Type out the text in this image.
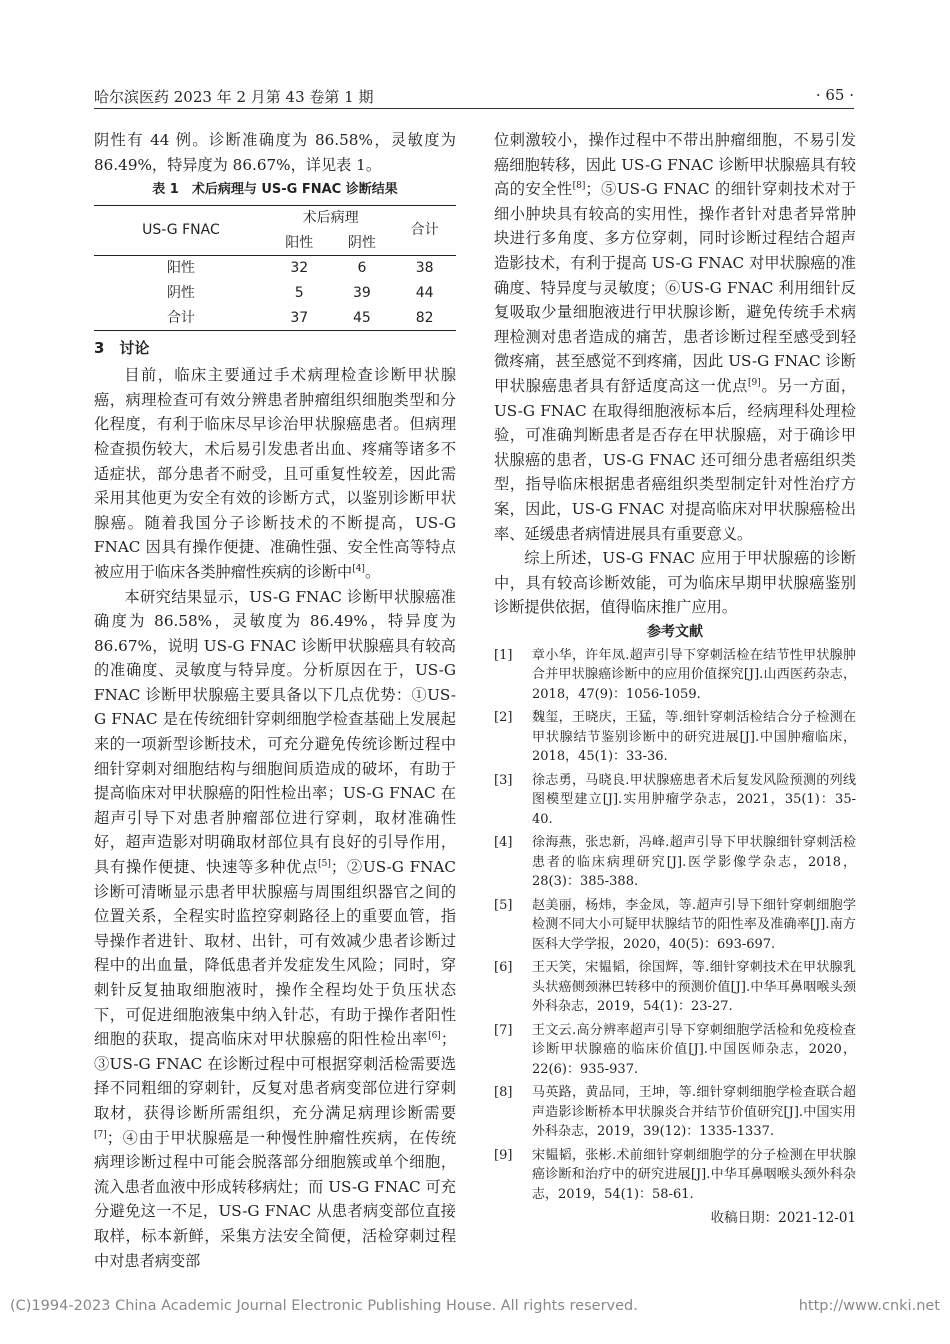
哈尔滨医药 2023 年 2 月第 43 卷第 1 期	· 65 ·

阴性有 44 例。诊断准确度为 86.58%，灵敏度为 86.49%，特异度为 86.67%，详见表 1。

表 1　术后病理与 US-G FNAC 诊断结果
US-G FNAC	术后病理		合计
	阳性	阴性	
阳性	32	6	38
阴性	5	39	44
合计	37	45	82
3　讨论

目前，临床主要通过手术病理检查诊断甲状腺癌，病理检查可有效分辨患者肿瘤组织细胞类型和分化程度，有利于临床尽早诊治甲状腺癌患者。但病理检查损伤较大，术后易引发患者出血、疼痛等诸多不适症状，部分患者不耐受，且可重复性较差，因此需采用其他更为安全有效的诊断方式，以鉴别诊断甲状腺癌。随着我国分子诊断技术的不断提高，US-G FNAC 因具有操作便捷、准确性强、安全性高等特点被应用于临床各类肿瘤性疾病的诊断中[4]。

本研究结果显示，US-G FNAC 诊断甲状腺癌准确度为 86.58%，灵敏度为 86.49%，特异度为 86.67%，说明 US-G FNAC 诊断甲状腺癌具有较高的准确度、灵敏度与特异度。分析原因在于，US-G FNAC 诊断甲状腺癌主要具备以下几点优势：①US-G FNAC 是在传统细针穿刺细胞学检查基础上发展起来的一项新型诊断技术，可充分避免传统诊断过程中细针穿刺对细胞结构与细胞间质造成的破坏，有助于提高临床对甲状腺癌的阳性检出率；US-G FNAC 在超声引导下对患者肿瘤部位进行穿刺，取材准确性好，超声造影对明确取材部位具有良好的引导作用，具有操作便捷、快速等多种优点[5]；②US-G FNAC 诊断可清晰显示患者甲状腺癌与周围组织器官之间的位置关系，全程实时监控穿刺路径上的重要血管，指导操作者进针、取材、出针，可有效减少患者诊断过程中的出血量，降低患者并发症发生风险；同时，穿刺针反复抽取细胞液时，操作全程均处于负压状态下，可促进细胞液集中纳入针芯，有助于操作者阳性细胞的获取，提高临床对甲状腺癌的阳性检出率[6]；③US-G FNAC 在诊断过程中可根据穿刺活检需要选择不同粗细的穿刺针，反复对患者病变部位进行穿刺取材，获得诊断所需组织，充分满足病理诊断需要[7]；④由于甲状腺癌是一种慢性肿瘤性疾病，在传统病理诊断过程中可能会脱落部分细胞簇或单个细胞，流入患者血液中形成转移病灶；而 US-G FNAC 可充分避免这一不足，US-G FNAC 从患者病变部位直接取样，标本新鲜，采集方法安全简便，活检穿刺过程中对患者病变部

位刺激较小，操作过程中不带出肿瘤细胞，不易引发癌细胞转移，因此 US-G FNAC 诊断甲状腺癌具有较高的安全性[8]；⑤US-G FNAC 的细针穿刺技术对于细小肿块具有较高的实用性，操作者针对患者异常肿块进行多角度、多方位穿刺，同时诊断过程结合超声造影技术，有利于提高 US-G FNAC 对甲状腺癌的准确度、特异度与灵敏度；⑥US-G FNAC 利用细针反复吸取少量细胞液进行甲状腺诊断，避免传统手术病理检测对患者造成的痛苦，患者诊断过程至感受到轻微疼痛，甚至感觉不到疼痛，因此 US-G FNAC 诊断甲状腺癌患者具有舒适度高这一优点[9]。另一方面，US-G FNAC 在取得细胞液标本后，经病理科处理检验，可准确判断患者是否存在甲状腺癌，对于确诊甲状腺癌的患者，US-G FNAC 还可细分患者癌组织类型，指导临床根据患者癌组织类型制定针对性治疗方案，因此，US-G FNAC 对提高临床对甲状腺癌检出率、延缓患者病情进展具有重要意义。

综上所述，US-G FNAC 应用于甲状腺癌的诊断中，具有较高诊断效能，可为临床早期甲状腺癌鉴别诊断提供依据，值得临床推广应用。

参考文献
[1]	章小华，许年凤.超声引导下穿刺活检在结节性甲状腺肿合并甲状腺癌诊断中的应用价值探究[J].山西医药杂志，2018，47(9)：1056-1059.
[2]	魏玺，王晓庆，王猛，等.细针穿刺活检结合分子检测在甲状腺结节鉴别诊断中的研究进展[J].中国肿瘤临床，2018，45(1)：33-36.
[3]	徐志勇，马晓良.甲状腺癌患者术后复发风险预测的列线图模型建立[J].实用肿瘤学杂志，2021，35(1)：35-40.
[4]	徐海燕，张忠新，冯峰.超声引导下甲状腺细针穿刺活检患者的临床病理研究[J].医学影像学杂志，2018，28(3)：385-388.
[5]	赵美丽，杨炜，李金凤，等.超声引导下细针穿刺细胞学检测不同大小可疑甲状腺结节的阳性率及准确率[J].南方医科大学学报，2020，40(5)：693-697.
[6]	王天笑，宋韫韬，徐国辉，等.细针穿刺技术在甲状腺乳头状癌侧颈淋巴转移中的预测价值[J].中华耳鼻咽喉头颈外科杂志，2019，54(1)：23-27.
[7]	王文云.高分辨率超声引导下穿刺细胞学活检和免疫检查诊断甲状腺癌的临床价值[J].中国医师杂志，2020，22(6)：935-937.
[8]	马英路，黄品同，王坤，等.细针穿刺细胞学检查联合超声造影诊断桥本甲状腺炎合并结节价值研究[J].中国实用外科杂志，2019，39(12)：1335-1337.
[9]	宋韫韬，张彬.术前细针穿刺细胞学的分子检测在甲状腺癌诊断和治疗中的研究进展[J].中华耳鼻咽喉头颈外科杂志，2019，54(1)：58-61.
收稿日期：2021-12-01
(C)1994-2023 China Academic Journal Electronic Publishing House. All rights reserved.	http://www.cnki.net
